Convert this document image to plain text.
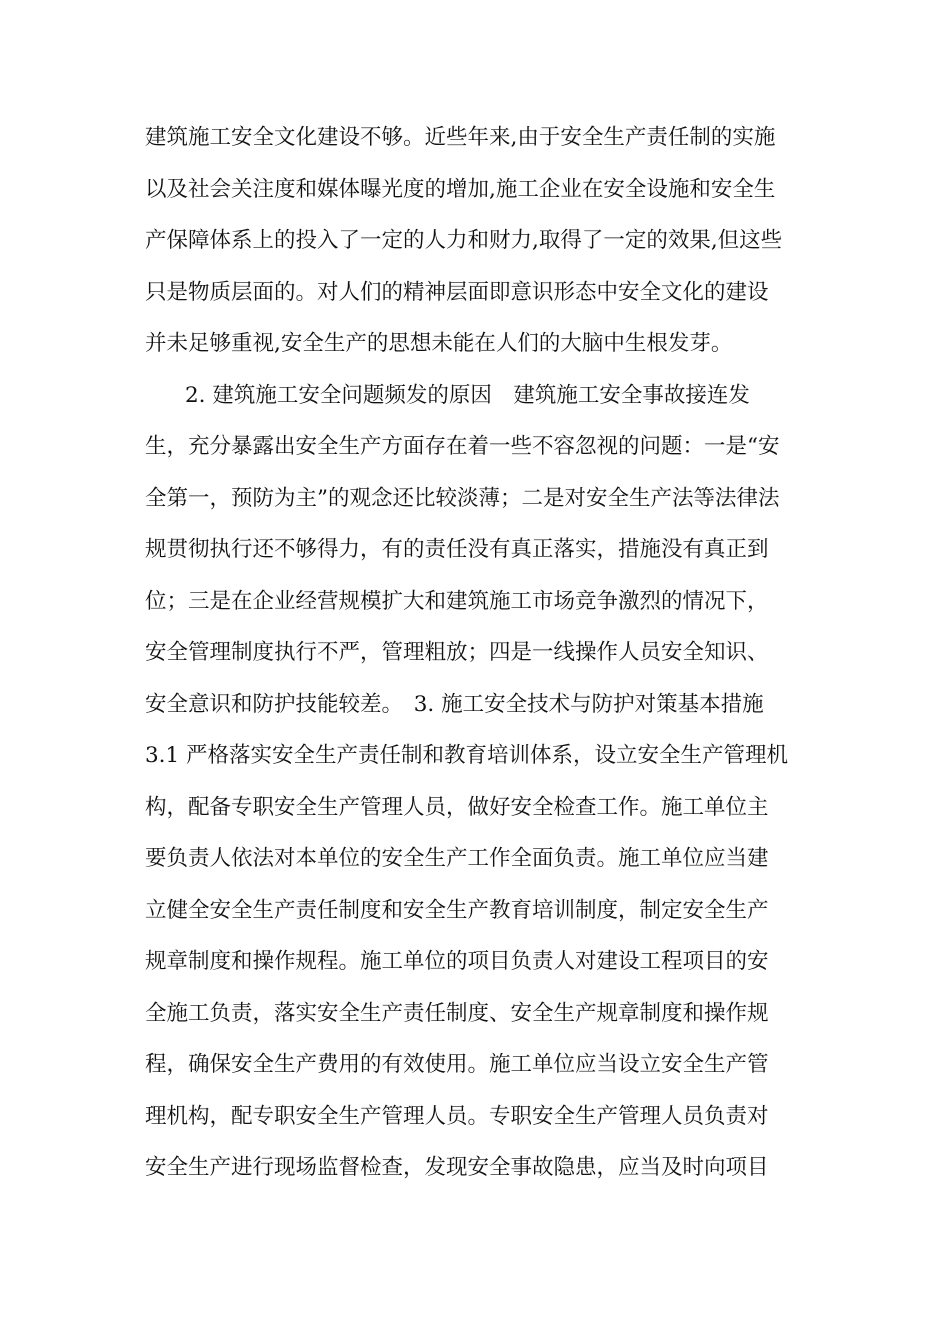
建筑施工安全文化建设不够。近些年来,由于安全生产责任制的实施
以及社会关注度和媒体曝光度的增加,施工企业在安全设施和安全生
产保障体系上的投入了一定的人力和财力,取得了一定的效果,但这些
只是物质层面的。对人们的精神层面即意识形态中安全文化的建设
并未足够重视,安全生产的思想未能在人们的大脑中生根发芽。
2. 建筑施工安全问题频发的原因　建筑施工安全事故接连发
生，充分暴露出安全生产方面存在着一些不容忽视的问题：一是“安
全第一，预防为主”的观念还比较淡薄；二是对安全生产法等法律法
规贯彻执行还不够得力，有的责任没有真正落实，措施没有真正到
位；三是在企业经营规模扩大和建筑施工市场竞争激烈的情况下，
安全管理制度执行不严，管理粗放；四是一线操作人员安全知识、
安全意识和防护技能较差。　3. 施工安全技术与防护对策基本措施
3.1 严格落实安全生产责任制和教育培训体系，设立安全生产管理机
构，配备专职安全生产管理人员，做好安全检查工作。施工单位主
要负责人依法对本单位的安全生产工作全面负责。施工单位应当建
立健全安全生产责任制度和安全生产教育培训制度，制定安全生产
规章制度和操作规程。施工单位的项目负责人对建设工程项目的安
全施工负责，落实安全生产责任制度、安全生产规章制度和操作规
程，确保安全生产费用的有效使用。施工单位应当设立安全生产管
理机构，配专职安全生产管理人员。专职安全生产管理人员负责对
安全生产进行现场监督检查，发现安全事故隐患，应当及时向项目
